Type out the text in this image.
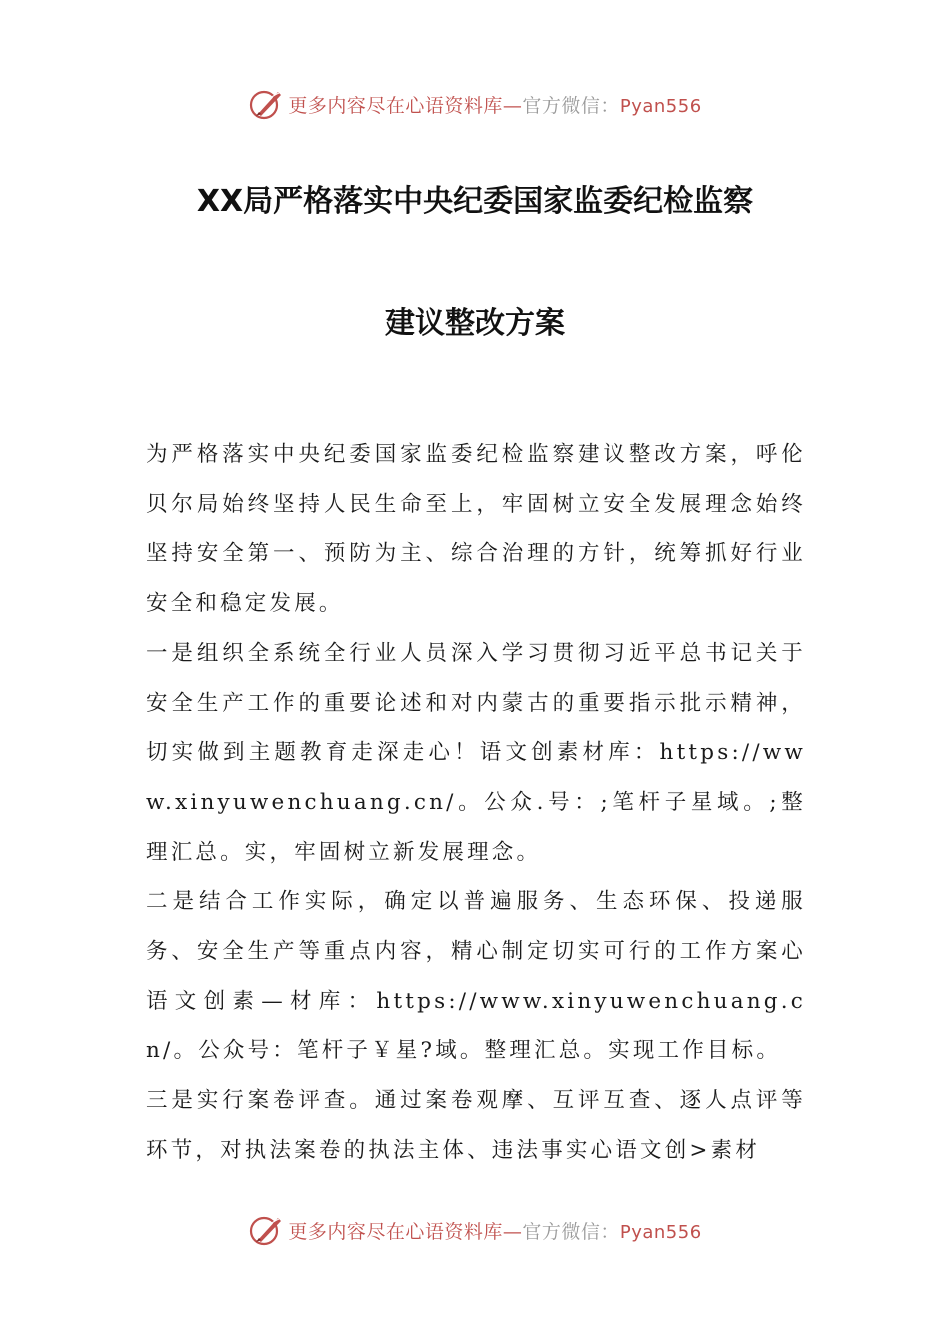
更多内容尽在心语资料库—官方微信：Pyan556
XX局严格落实中央纪委国家监委纪检监察
建议整改方案

为严格落实中央纪委国家监委纪检监察建议整改方案，呼伦贝尔局始终坚持人民生命至上，牢固树立安全发展理念始终坚持安全第一、预防为主、综合治理的方针，统筹抓好行业安全和稳定发展。

一是组织全系统全行业人员深入学习贯彻习近平总书记关于安全生产工作的重要论述和对内蒙古的重要指示批示精神，切实做到主题教育走深走心！语文创素材库：https://www.xinyuwenchuang.cn/。公众.号：;笔杆子星域。;整理汇总。实，牢固树立新发展理念。

二是结合工作实际，确定以普遍服务、生态环保、投递服务、安全生产等重点内容，精心制定切实可行的工作方案心语文创素—材库：https://www.xinyuwenchuang.cn/。公众号：笔杆子￥星?域。整理汇总。实现工作目标。

三是实行案卷评查。通过案卷观摩、互评互查、逐人点评等环节，对执法案卷的执法主体、违法事实心语文创>素材

更多内容尽在心语资料库—官方微信：Pyan556
